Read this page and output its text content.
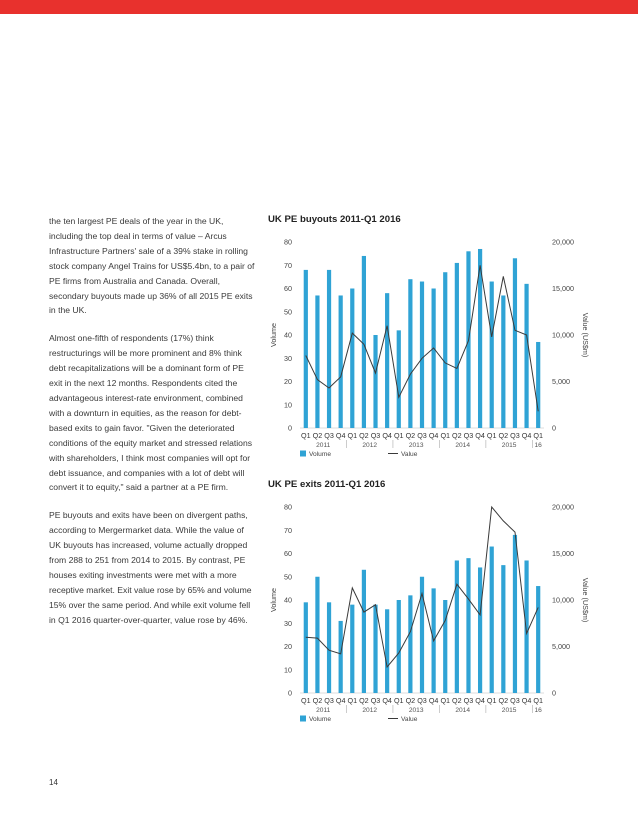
the ten largest PE deals of the year in the UK, including the top deal in terms of value – Arcus Infrastructure Partners' sale of a 39% stake in rolling stock company Angel Trains for US$5.4bn, to a pair of PE firms from Australia and Canada. Overall, secondary buyouts made up 36% of all 2015 PE exits in the UK.

Almost one-fifth of respondents (17%) think restructurings will be more prominent and 8% think debt recapitalizations will be a dominant form of PE exit in the next 12 months. Respondents cited the advantageous interest-rate environment, combined with a downturn in equities, as the reason for debt-based exits to gain favor. "Given the deteriorated conditions of the equity market and stressed relations with shareholders, I think most companies will opt for debt issuance, and companies with a lot of debt will convert it to equity," said a partner at a PE firm.

PE buyouts and exits have been on divergent paths, according to Mergermarket data. While the value of UK buyouts has increased, volume actually dropped from 288 to 251 from 2014 to 2015. By contrast, PE houses exiting investments were met with a more receptive market. Exit value rose by 65% and volume 15% over the same period. And while exit volume fell in Q1 2016 quarter-over-quarter, value rose by 46%.

UK PE buyouts 2011-Q1 2016
0
10
20
30
40
50
60
70
80
0
5,000
10,000
15,000
20,000
Volume	Value (US$m)
Q1 Q2 Q3 Q4 Q1 Q2 Q3 Q4 Q1 Q2 Q3 Q4 Q1 Q2 Q3 Q4 Q1 Q2 Q3 Q4 Q1
2011	2012	2013	2014	2015	16
Volume	Value
UK PE exits 2011-Q1 2016
0
10
20
30
40
50
60
70
80
0
5,000
10,000
15,000
20,000
Volume	Value (US$m)
Q1 Q2 Q3 Q4 Q1 Q2 Q3 Q4 Q1 Q2 Q3 Q4 Q1 Q2 Q3 Q4 Q1 Q2 Q3 Q4 Q1
2011	2012	2013	2014	2015	16
Volume	Value
14
